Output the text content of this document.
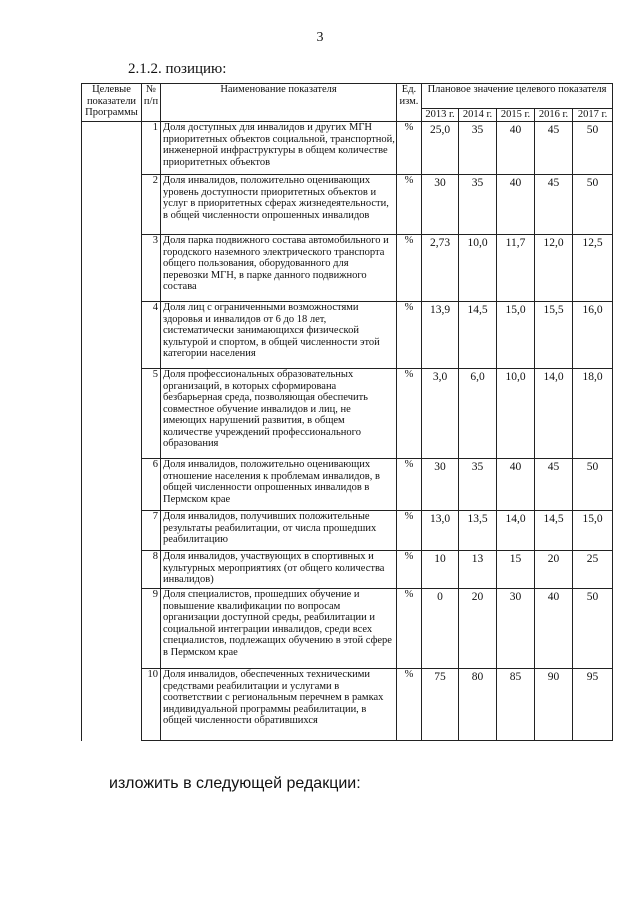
3
2.1.2. позицию:
Целевые показатели Программы	№ п/п	Наименование показателя	Ед. изм.	Плановое значение целевого показателя				
				2013 г.	2014 г.	2015 г.	2016 г.	2017 г.
	1	Доля доступных для инвалидов и других МГН приоритетных объектов социальной, транспортной, инженерной инфраструктуры в общем количестве приоритетных объектов	%	25,0	35	40	45	50
	2	Доля инвалидов, положительно оценивающих уровень доступности приоритетных объектов и услуг в приоритетных сферах жизнедеятельности, в общей численности опрошенных инвалидов	%	30	35	40	45	50
	3	Доля парка подвижного состава автомобильного и городского наземного электрического транспорта общего пользования, оборудованного для перевозки МГН, в парке данного подвижного состава	%	2,73	10,0	11,7	12,0	12,5
	4	Доля лиц с ограниченными возможностями здоровья и инвалидов от 6 до 18 лет, систематически занимающихся физической культурой и спортом, в общей численности этой категории населения	%	13,9	14,5	15,0	15,5	16,0
	5	Доля профессиональных образовательных организаций, в которых сформирована безбарьерная среда, позволяющая обеспечить совместное обучение инвалидов и лиц, не имеющих нарушений развития, в общем количестве учреждений профессионального образования	%	3,0	6,0	10,0	14,0	18,0
	6	Доля инвалидов, положительно оценивающих отношение населения к проблемам инвалидов, в общей численности опрошенных инвалидов в Пермском крае	%	30	35	40	45	50
	7	Доля инвалидов, получивших положительные результаты реабилитации, от числа прошедших реабилитацию	%	13,0	13,5	14,0	14,5	15,0
	8	Доля инвалидов, участвующих в спортивных и культурных мероприятиях (от общего количества инвалидов)	%	10	13	15	20	25
	9	Доля специалистов, прошедших обучение и повышение квалификации по вопросам организации доступной среды, реабилитации и социальной интеграции инвалидов, среди всех специалистов, подлежащих обучению в этой сфере в Пермском крае	%	0	20	30	40	50
	10	Доля инвалидов, обеспеченных техническими средствами реабилитации и услугами в соответствии с региональным перечнем в рамках индивидуальной программы реабилитации, в общей численности обратившихся	%	75	80	85	90	95
изложить в следующей редакции:
